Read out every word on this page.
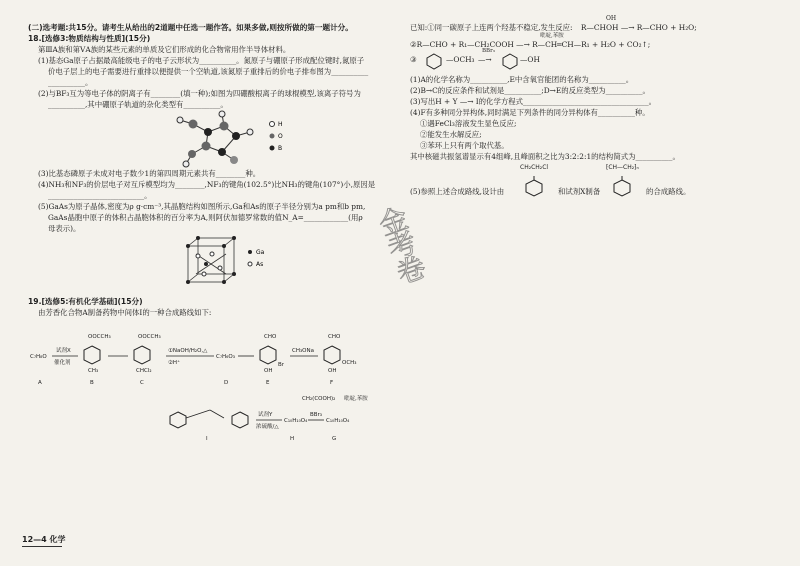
(二)选考题:共15分。请考生从给出的2道题中任选一题作答。如果多做,则按所做的第一题计分。
18.[选修3:物质结构与性质](15分)
第ⅢA族和第ⅤA族的某些元素的单质及它们形成的化合物常用作半导体材料。
(1)基态Ga原子占据最高能级电子的电子云形状为__________。氮原子与硼原子形成配位键时,氮原子
价电子层上的电子需要进行重排以便提供一个空轨道,该氮原子重排后的价电子排布图为__________
__________。
(2)与BF₃互为等电子体的阴离子有________(填一种);如图为四硼酸根离子的球棍模型,该离子符号为
__________,其中硼原子轨道的杂化类型有__________。
H
O
B
(3)比基态磷原子未成对电子数少1的第四周期元素共有________种。
(4)NH₃和NF₃的价层电子对互斥模型均为________,NF₃的键角(102.5°)比NH₃的键角(107°)小,原因是
__________________________。
(5)GaAs为原子晶体,密度为ρ g·cm⁻³,其晶胞结构如图所示,Ga和As的原子半径分别为a pm和b pm,
GaAs晶胞中原子的体积占晶胞体积的百分率为A,则阿伏加德罗常数的值N_A=____________(用ρ
母表示)。
Ga
As
19.[选修5:有机化学基础](15分)
由芳香化合物A制备药物中间体I的一种合成路线如下:
C₇H₈O
试剂X
催化剂
OOCCH₃
CH₃
OOCCH₃
CHCl₂
①NaOH/H₂O,△
②H⁺
C₇H₆O₃
CHO
OH
Br
CH₃ONa
CHO
OCH₃
OH
A	B	C	D	E	F

试剂Y
浓硫酸/△
C₁₀H₁₀O₄
BBr₃
C₁₀H₁₀O₄
CH₂(COOH)₂ 吡啶,苯胺
I	H	G
已知:①同一碳原子上连两个羟基不稳定,发生反应:
OH
R—CHOH —→ R—CHO + H₂O;
吡啶,苯胺
②R—CHO + R₁—CH₂COOH —→ R—CH═CH—R₁ + H₂O + CO₂↑;
③	—OCH₃
BBr₃
—→	—OH
(1)A的化学名称为__________,E中含氧官能团的名称为__________。
(2)B→C的反应条件和试剂是__________;D→E的反应类型为__________。
(3)写出H + Y —→ I的化学方程式__________________________________。
(4)F有多种同分异构体,同时满足下列条件的同分异构体有__________种。
①遇FeCl₃溶液发生显色反应;
②能发生水解反应;
③苯环上只有两个取代基。
其中核磁共振氢谱显示有4组峰,且峰面积之比为3:2:2:1的结构简式为__________。
CH₂CH₂Cl	⁅CH—CH₂⁆ₙ
(5)参照上述合成路线,设计由	和试剂X制备	的合成路线。
金考卷
12—4 化学
